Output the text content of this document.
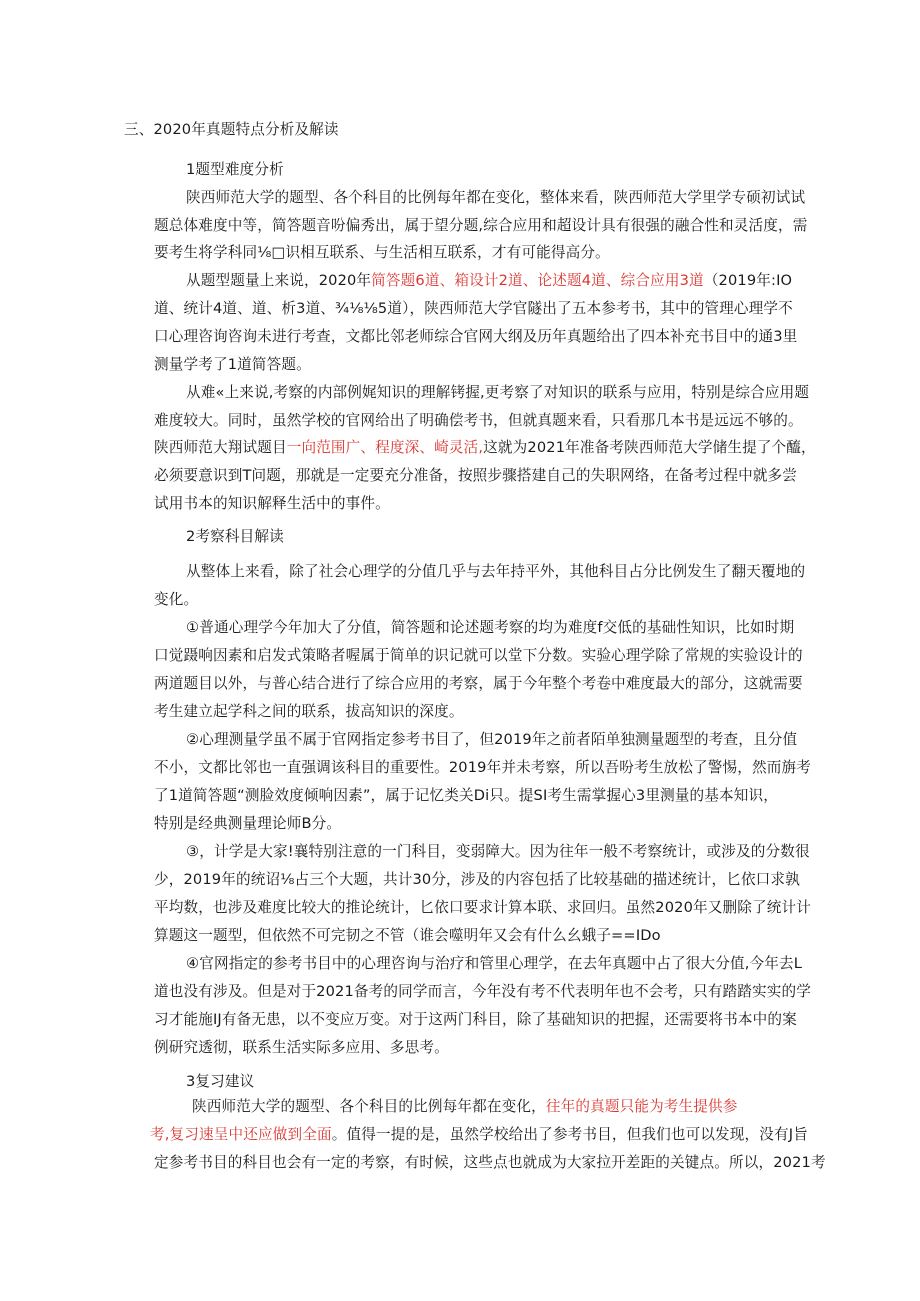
三、2020年真题特点分析及解读

1题型难度分析

陕西师范大学的题型、各个科目的比例每年都在变化，整体来看，陕西师范大学里学专硕初试试

题总体难度中等，简答题音吩偏秀出，属于望分题,综合应用和超设计具有很强的融合性和灵活度，需

要考生将学科同⅛□识相互联系、与生活相互联系，才有可能得高分。

从题型题量上来说，2020年简答题6道、箱设计2道、论述题4道、综合应用3道（2019年:IO

道、统计4道、道、析3道、¾⅛⅛5道），陕西师范大学官隧出了五本参考书，其中的管理心理学不

口心理咨询咨询未进行考查，文都比邻老师综合官网大纲及历年真题给出了四本补充书目中的通3里

测量学考了1道简答题。

从难«上来说,考察的内部例娓知识的理解铐握,更考察了对知识的联系与应用，特别是综合应用题

难度较大。同时，虽然学校的官网给出了明确偿考书，但就真题来看，只看那几本书是远远不够的。

陕西师范大翔试题目一向范围广、程度深、崎灵活,这就为2021年准备考陕西师范大学储生提了个醯，

必须要意识到T问题，那就是一定要充分准备，按照步骤搭建自己的失职网络，在备考过程中就多尝

试用书本的知识解释生活中的事件。

2考察科目解读

从整体上来看，除了社会心理学的分值几乎与去年持平外，其他科目占分比例发生了翻天覆地的

变化。

①普通心理学今年加大了分值，简答题和论述题考察的均为难度f交低的基础性知识，比如时期

口觉蹑响因素和启发式策略者喔属于简单的识记就可以堂下分数。实验心理学除了常规的实验设计的

两道题目以外，与普心结合进行了综合应用的考察，属于今年整个考卷中难度最大的部分，这就需要

考生建立起学科之间的联系，拔高知识的深度。

②心理测量学虽不属于官网指定参考书目了，但2019年之前者陌单独测量题型的考查，且分值

不小，文都比邻也一直强调该科目的重要性。2019年并未考察，所以吾吩考生放松了警惕，然而旃考

了1道简答题“测脸效度倾响因素”，属于记忆类关Di只。提SI考生需掌握心3里测量的基本知识，

特别是经典测量理论师B分。

③，计学是大家!襄特别注意的一门科目，变弱障大。因为往年一般不考察统计，或涉及的分数很

少，2019年的统诏⅛占三个大题，共计30分，涉及的内容包括了比较基础的描述统计，匕依口求孰

平均数，也涉及难度比较大的推论统计，匕依口要求计算本联、求回归。虽然2020年又删除了统计计

算题这一题型，但依然不可完韧之不管（谁会噬明年又会有什么幺蛾子==IDo

④官网指定的参考书目中的心理咨询与治疗和管里心理学，在去年真题中占了很大分值,今年去L

道也没有涉及。但是对于2021备考的同学而言，今年没有考不代表明年也不会考，只有踏踏实实的学

习才能施IJ有备无患，以不变应万变。对于这两门科目，除了基础知识的把握，还需要将书本中的案

例研究透彻，联系生活实际多应用、多思考。

3复习建议

陕西师范大学的题型、各个科目的比例每年都在变化，往年的真题只能为考生提供参

考,复习速呈中还应做到全面。值得一提的是，虽然学校给出了参考书目，但我们也可以发现，没有J旨

定参考书目的科目也会有一定的考察，有时候，这些点也就成为大家拉开差距的关键点。所以，2021考
